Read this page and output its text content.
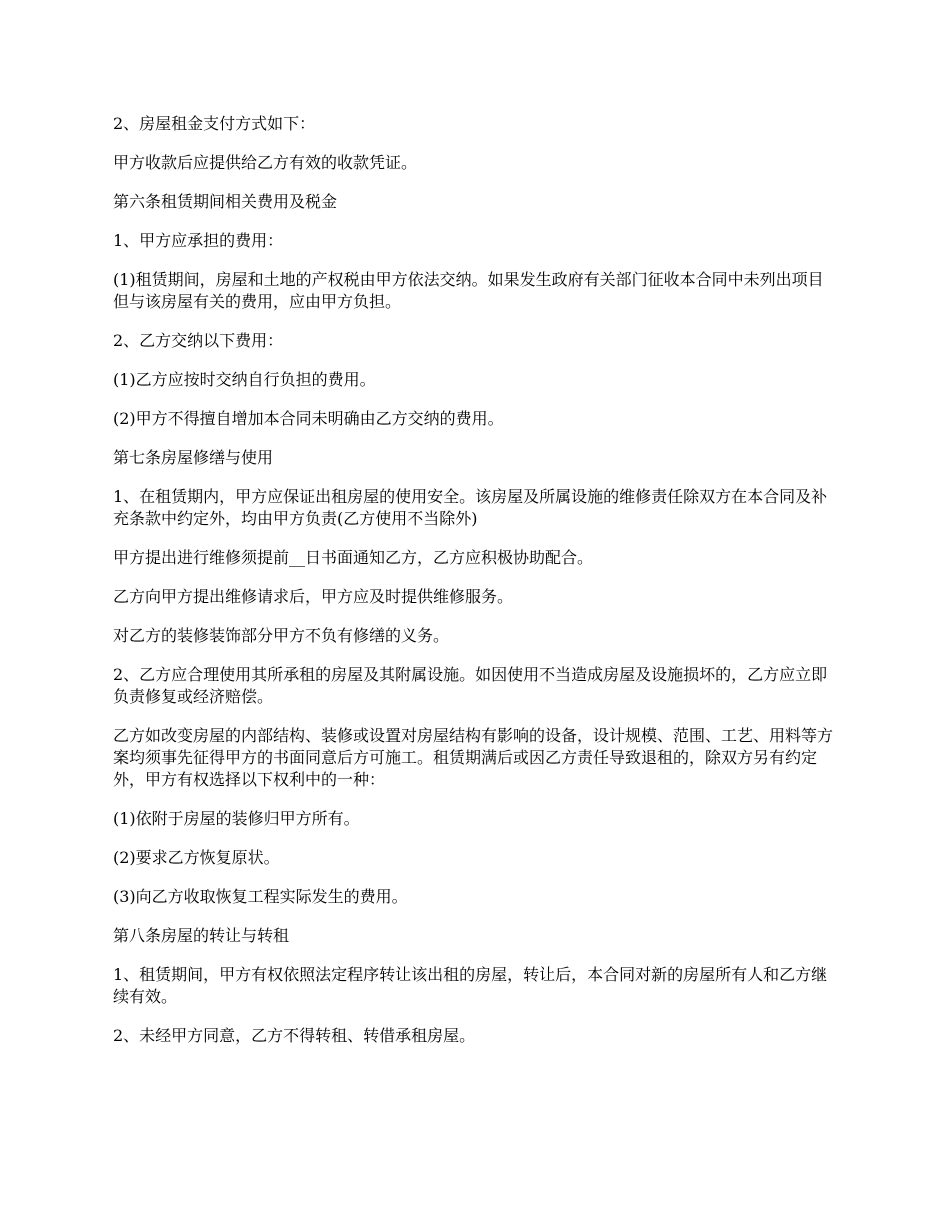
2、房屋租金支付方式如下：

甲方收款后应提供给乙方有效的收款凭证。

第六条租赁期间相关费用及税金

1、甲方应承担的费用：

(1)租赁期间，房屋和土地的产权税由甲方依法交纳。如果发生政府有关部门征收本合同中未列出项目但与该房屋有关的费用，应由甲方负担。

2、乙方交纳以下费用：

(1)乙方应按时交纳自行负担的费用。

(2)甲方不得擅自增加本合同未明确由乙方交纳的费用。

第七条房屋修缮与使用

1、在租赁期内，甲方应保证出租房屋的使用安全。该房屋及所属设施的维修责任除双方在本合同及补充条款中约定外，均由甲方负责(乙方使用不当除外)

甲方提出进行维修须提前__日书面通知乙方，乙方应积极协助配合。

乙方向甲方提出维修请求后，甲方应及时提供维修服务。

对乙方的装修装饰部分甲方不负有修缮的义务。

2、乙方应合理使用其所承租的房屋及其附属设施。如因使用不当造成房屋及设施损坏的，乙方应立即负责修复或经济赔偿。

乙方如改变房屋的内部结构、装修或设置对房屋结构有影响的设备，设计规模、范围、工艺、用料等方案均须事先征得甲方的书面同意后方可施工。租赁期满后或因乙方责任导致退租的，除双方另有约定外，甲方有权选择以下权利中的一种：

(1)依附于房屋的装修归甲方所有。

(2)要求乙方恢复原状。

(3)向乙方收取恢复工程实际发生的费用。

第八条房屋的转让与转租

1、租赁期间，甲方有权依照法定程序转让该出租的房屋，转让后，本合同对新的房屋所有人和乙方继续有效。

2、未经甲方同意，乙方不得转租、转借承租房屋。
